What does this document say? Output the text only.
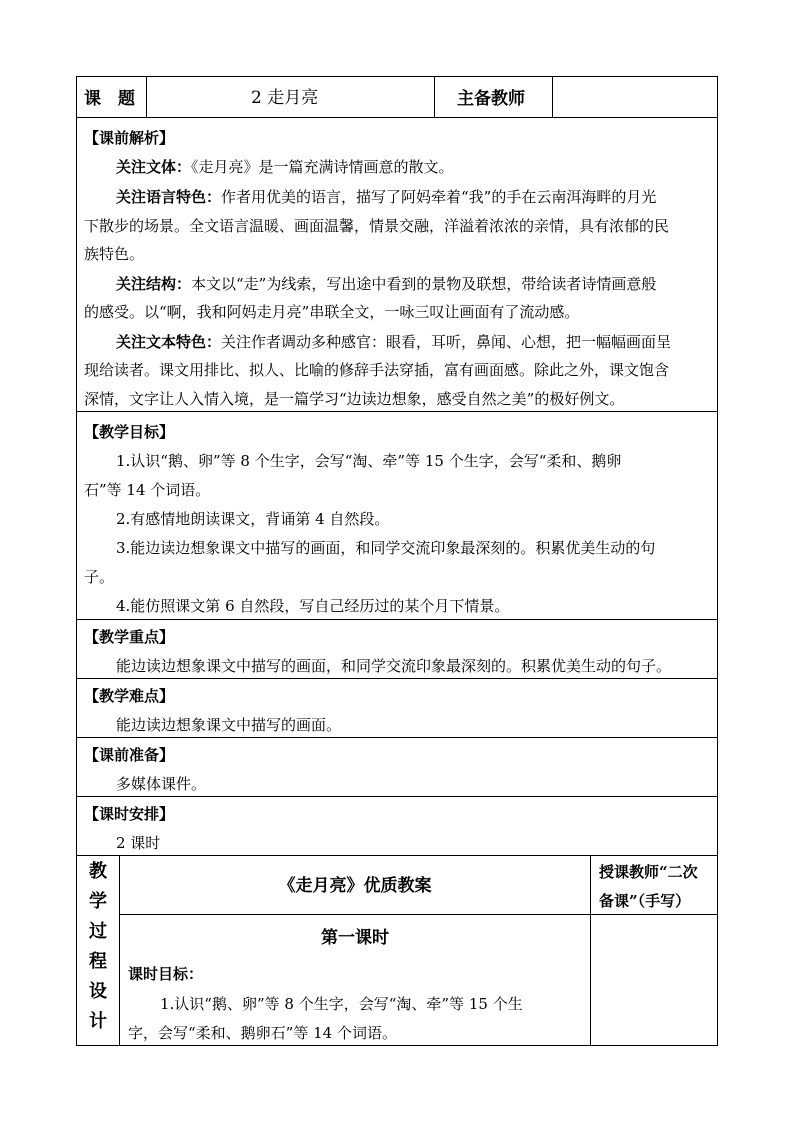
课　题	2 走月亮	主备教师
【课前解析】
关注文体：《走月亮》是一篇充满诗情画意的散文。
关注语言特色：作者用优美的语言，描写了阿妈牵着“我”的手在云南洱海畔的月光
下散步的场景。全文语言温暖、画面温馨，情景交融，洋溢着浓浓的亲情，具有浓郁的民
族特色。
关注结构：本文以“走”为线索，写出途中看到的景物及联想，带给读者诗情画意般
的感受。以“啊，我和阿妈走月亮”串联全文，一咏三叹让画面有了流动感。
关注文本特色：关注作者调动多种感官：眼看，耳听，鼻闻、心想，把一幅幅画面呈
现给读者。课文用排比、拟人、比喻的修辞手法穿插，富有画面感。除此之外，课文饱含
深情，文字让人入情入境，是一篇学习“边读边想象，感受自然之美”的极好例文。
【教学目标】
1.认识“鹅、卵”等 8 个生字，会写“淘、牵”等 15 个生字，会写“柔和、鹅卵
石”等 14 个词语。
2.有感情地朗读课文，背诵第 4 自然段。
3.能边读边想象课文中描写的画面，和同学交流印象最深刻的。积累优美生动的句
子。
4.能仿照课文第 6 自然段，写自己经历过的某个月下情景。
【教学重点】
能边读边想象课文中描写的画面，和同学交流印象最深刻的。积累优美生动的句子。
【教学难点】
能边读边想象课文中描写的画面。
【课前准备】
多媒体课件。
【课时安排】
2 课时
教
学
过
程
设
计
《走月亮》优质教案
授课教师“二次
备课”（手写）
第一课时
课时目标：
1.认识“鹅、卵”等 8 个生字，会写“淘、牵”等 15 个生
字，会写“柔和、鹅卵石”等 14 个词语。
